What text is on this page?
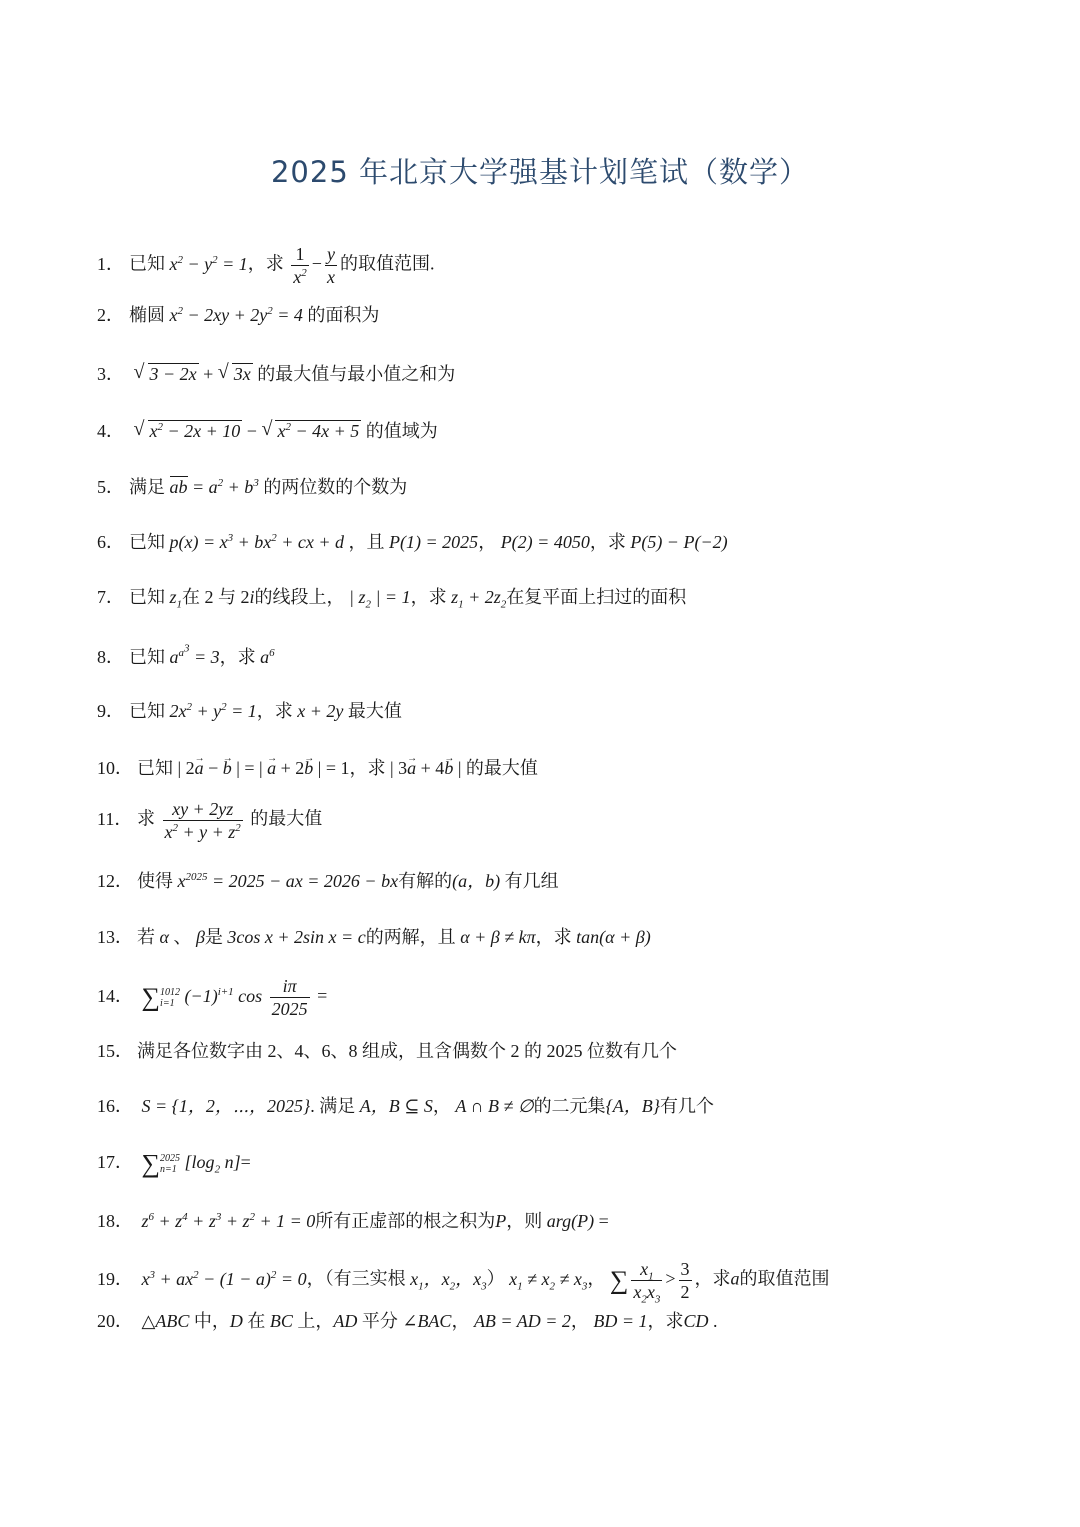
2025 年北京大学强基计划笔试（数学）
1． 已知 $x^2 - y^2 = 1$，求 $\frac{1}{x^2} - \frac{y}{x}$ 的取值范围.
2． 椭圆 $x^2 - 2xy + 2y^2 = 4$ 的面积为
3． √ 3 − 2x + √ 3x 的最大值与最小值之和为
4． √ $x^2 - 2x + 10$ − √ $x^2 - 4x + 5$ 的值域为
5． 满足 ab = $a^2 + b^3$ 的两位数的个数为
6． 已知 $p(x) = x^3 + bx^2$ + cx + d ，且 P(1) = 2025， P(2) = 4050，求 P(5) − P(−2)
7． 已知 $z_1$在 2 与 2i的线段上， | $z_2$ | = 1，求 $z_1 + 2z_2$在复平面上扫过的面积
8． 已知 $a^{a^3} = 3$，求 $a^6$
9． 已知 $2x^2 + y^2 = 1$，求 x + 2y 最大值
10． 已知 | 2a → − b → | = | a → + 2b → | = 1，求 | 3a → + 4b → | 的最大值
11． 求 $\frac{xy + 2yz}{x^2 + y + z^2}$ 的最大值
12． 使得 $x^{2025} = 2025$ − ax = 2026 − bx有解的(a，b) 有几组
13． 若 α 、 β是 3cos x + 2sin x = c的两解，且 α + β ≠ kπ，求 tan(α + β)
14． ∑ 1012
i=1 $(-1)^{i+1}$ $\cos \frac{i\pi}{2025}$ =
15． 满足各位数字由 2、4、6、8 组成，且含偶数个 2 的 2025 位数有几个
16． S = {1，2，⋯，2025}. 满足 A，B ⊆ S， A ∩ B ≠ ∅的二元集{A，B}有几个
17． ∑ 2025
n=1 [$\log_2$ n]=
18． $z^6 + z^4 + z^3 + z^2 + 1 = 0$所有正虚部的根之积为P，则 arg(P) =
19． $x^3 + ax^2 - (1 - a)^2 = 0$，（有三实根 $x_1$，$x_2$，$x_3$） $x_1 \ne x_2 \ne x_3$， ∑ $\frac{x_1}{x_2x_3} > \frac{3}{2}$ ，求a的取值范围
20． △ABC 中，D 在 BC 上，AD 平分 ∠BAC， AB = AD = 2， BD = 1，求CD .
